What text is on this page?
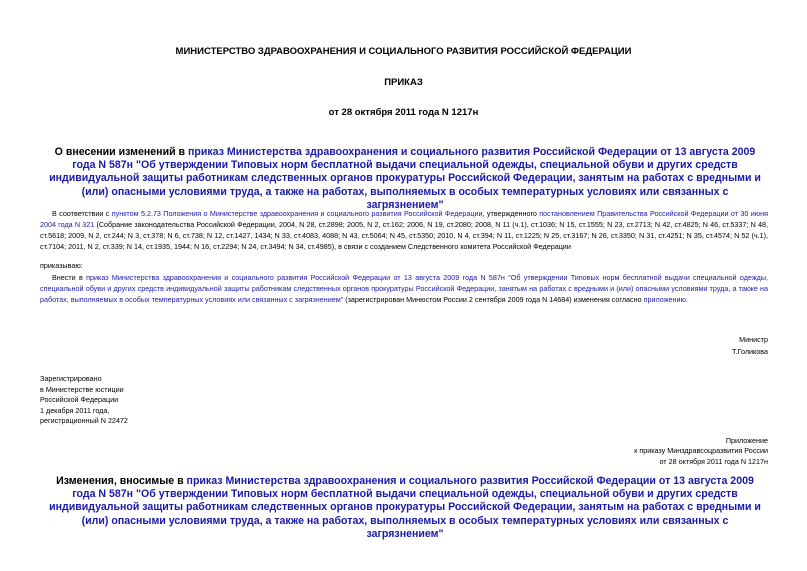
МИНИСТЕРСТВО ЗДРАВООХРАНЕНИЯ И СОЦИАЛЬНОГО РАЗВИТИЯ РОССИЙСКОЙ ФЕДЕРАЦИИ
ПРИКАЗ
от 28 октября 2011 года N 1217н
О внесении изменений в приказ Министерства здравоохранения и социального развития Российской Федерации от 13 августа 2009 года N 587н "Об утверждении Типовых норм бесплатной выдачи специальной одежды, специальной обуви и других средств индивидуальной защиты работникам следственных органов прокуратуры Российской Федерации, занятым на работах с вредными и (или) опасными условиями труда, а также на работах, выполняемых в особых температурных условиях или связанных с загрязнением"
В соответствии с пунктом 5.2.73 Положения о Министерстве здравоохранения и социального развития Российской Федерации, утвержденного постановлением Правительства Российской Федерации от 30 июня 2004 года N 321 (Собрание законодательства Российской Федерации, 2004, N 28, ст.2898; 2005, N 2, ст.162; 2006, N 19, ст.2080; 2008, N 11 (ч.1), ст.1036; N 15, ст.1555; N 23, ст.2713; N 42, ст.4825; N 46, ст.5337; N 48, ст.5618; 2009, N 2, ст.244; N 3, ст.378; N 6, ст.738; N 12, ст.1427, 1434; N 33, ст.4083, 4088; N 43, ст.5064; N 45, ст.5350; 2010, N 4, ст.394; N 11, ст.1225; N 25, ст.3167; N 26, ст.3350; N 31, ст.4251; N 35, ст.4574; N 52 (ч.1), ст.7104; 2011, N 2, ст.339; N 14, ст.1935, 1944; N 16, ст.2294; N 24, ст.3494; N 34, ст.4985), в связи с созданием Следственного комитета Российской Федерации
приказываю:
Внести в приказ Министерства здравоохранения и социального развития Российской Федерации от 13 августа 2009 года N 587н "Об утверждении Типовых норм бесплатной выдачи специальной одежды, специальной обуви и других средств индивидуальной защиты работникам следственных органов прокуратуры Российской Федерации, занятым на работах с вредными и (или) опасными условиями труда, а также на работах, выполняемых в особых температурных условиях или связанных с загрязнением" (зарегистрирован Минюстом России 2 сентября 2009 года N 14684) изменения согласно приложению.
Министр
Т.Голикова
Зарегистрировано
в Министерстве юстиции
Российской Федерации
1 декабря 2011 года,
регистрационный N 22472
Приложение
к приказу Минздравсоцразвития России
от 28 октября 2011 года N 1217н
Изменения, вносимые в приказ Министерства здравоохранения и социального развития Российской Федерации от 13 августа 2009 года N 587н "Об утверждении Типовых норм бесплатной выдачи специальной одежды, специальной обуви и других средств индивидуальной защиты работникам следственных органов прокуратуры Российской Федерации, занятым на работах с вредными и (или) опасными условиями труда, а также на работах, выполняемых в особых температурных условиях или связанных с загрязнением"
